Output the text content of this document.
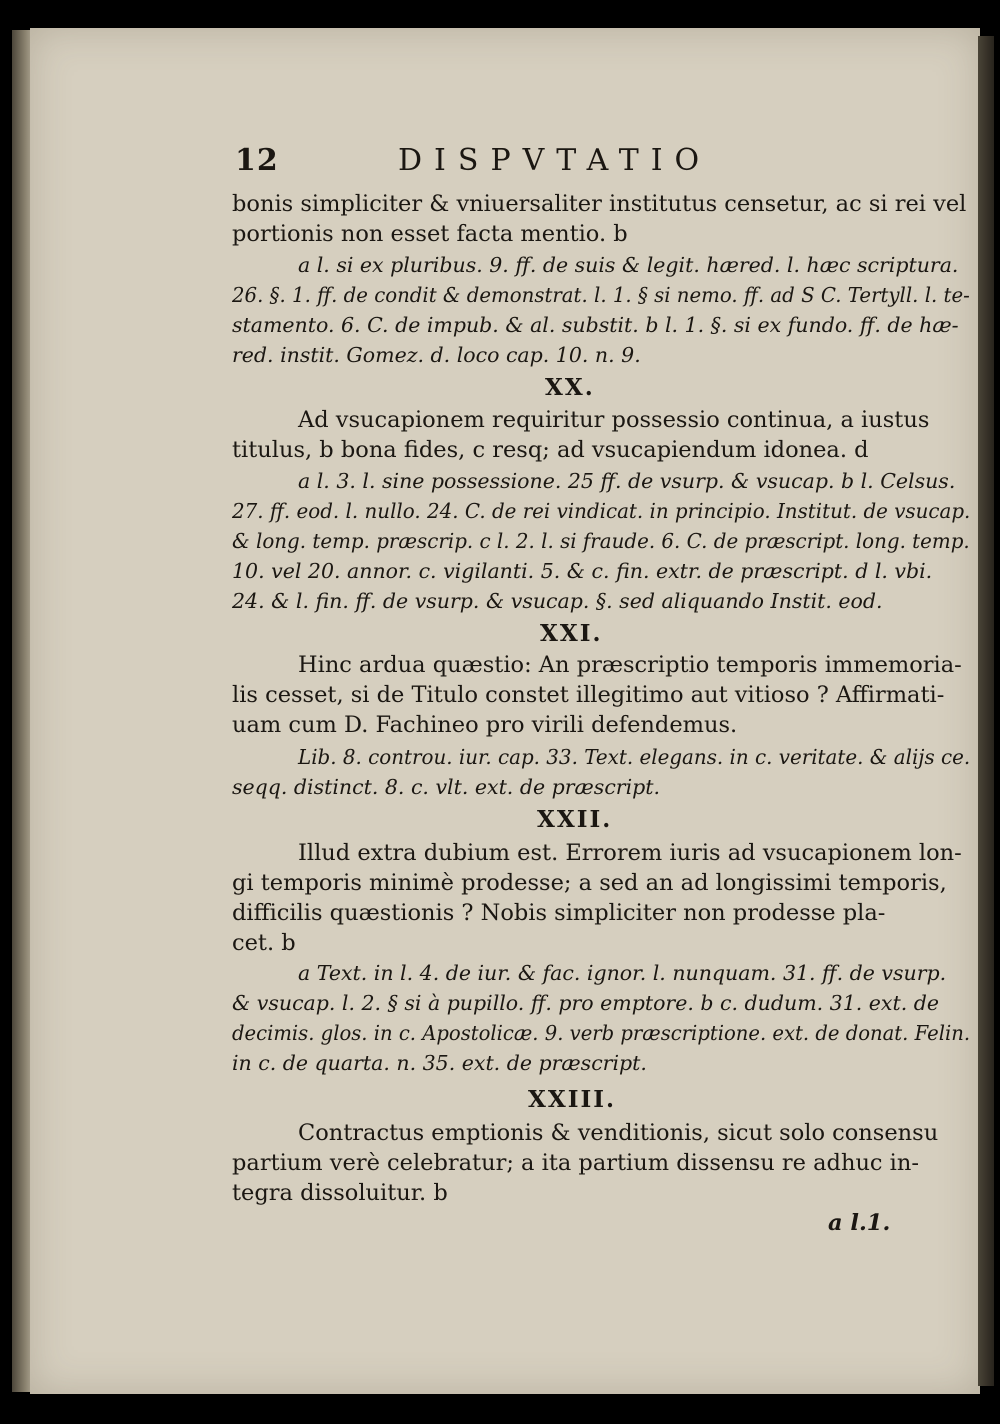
12	DISPVTATIO
bonis simpliciter & vniuersaliter institutus censetur, ac si rei vel
portionis non esset facta mentio. b
a l. si ex pluribus. 9. ff. de suis & legit. hæred. l. hæc scriptura.
26. §. 1. ff. de condit & demonstrat. l. 1. § si nemo. ff. ad S C. Tertyll. l. te-
stamento. 6. C. de impub. & al. substit. b l. 1. §. si ex fundo. ff. de hæ-
red. instit. Gomez. d. loco cap. 10. n. 9.
XX.
Ad vsucapionem requiritur possessio continua, a iustus
titulus, b bona fides, c resq; ad vsucapiendum idonea. d
a l. 3. l. sine possessione. 25 ff. de vsurp. & vsucap. b l. Celsus.
27. ff. eod. l. nullo. 24. C. de rei vindicat. in principio. Institut. de vsucap.
& long. temp. præscrip. c l. 2. l. si fraude. 6. C. de præscript. long. temp.
10. vel 20. annor. c. vigilanti. 5. & c. fin. extr. de præscript. d l. vbi.
24. & l. fin. ff. de vsurp. & vsucap. §. sed aliquando Instit. eod.
XXI.
Hinc ardua quæstio: An præscriptio temporis immemoria-
lis cesset, si de Titulo constet illegitimo aut vitioso ? Affirmati-
uam cum D. Fachineo pro virili defendemus.
Lib. 8. controu. iur. cap. 33. Text. elegans. in c. veritate. & alijs ce.
seqq. distinct. 8. c. vlt. ext. de præscript.
XXII.
Illud extra dubium est. Errorem iuris ad vsucapionem lon-
gi temporis minimè prodesse; a sed an ad longissimi temporis,
difficilis quæstionis ? Nobis simpliciter non prodesse pla-
cet. b
a Text. in l. 4. de iur. & fac. ignor. l. nunquam. 31. ff. de vsurp.
& vsucap. l. 2. § si à pupillo. ff. pro emptore. b c. dudum. 31. ext. de
decimis. glos. in c. Apostolicæ. 9. verb præscriptione. ext. de donat. Felin.
in c. de quarta. n. 35. ext. de præscript.
XXIII.
Contractus emptionis & venditionis, sicut solo consensu
partium verè celebratur; a ita partium dissensu re adhuc in-
tegra dissoluitur. b
a l.1.
